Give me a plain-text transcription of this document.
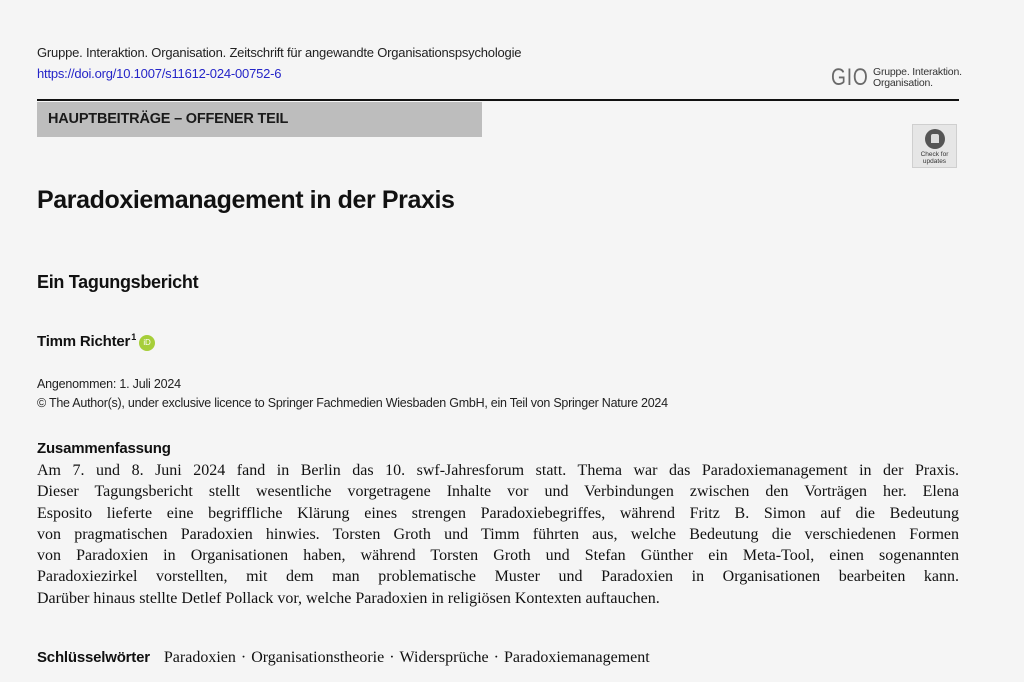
Gruppe. Interaktion. Organisation. Zeitschrift für angewandte Organisationspsychologie
https://doi.org/10.1007/s11612-024-00752-6	GIO Gruppe. Interaktion.
Organisation.
HAUPTBEITRÄGE – OFFENER TEIL
Check for
updates
Paradoxiemanagement in der Praxis
Ein Tagungsbericht
Timm Richter$^1$
iD
Angenommen: 1. Juli 2024
© The Author(s), under exclusive licence to Springer Fachmedien Wiesbaden GmbH, ein Teil von Springer Nature 2024
Zusammenfassung
Am 7. und 8. Juni 2024 fand in Berlin das 10. swf-Jahresforum statt. Thema war das Paradoxiemanagement in der Praxis.
Dieser Tagungsbericht stellt wesentliche vorgetragene Inhalte vor und Verbindungen zwischen den Vorträgen her. Elena
Esposito lieferte eine begriffliche Klärung eines strengen Paradoxiebegriffes, während Fritz B. Simon auf die Bedeutung
von pragmatischen Paradoxien hinwies. Torsten Groth und Timm führten aus, welche Bedeutung die verschiedenen Formen
von Paradoxien in Organisationen haben, während Torsten Groth und Stefan Günther ein Meta-Tool, einen sogenannten
Paradoxiezirkel vorstellten, mit dem man problematische Muster und Paradoxien in Organisationen bearbeiten kann.
Darüber hinaus stellte Detlef Pollack vor, welche Paradoxien in religiösen Kontexten auftauchen.
Schlüsselwörter Paradoxien · Organisationstheorie · Widersprüche · Paradoxiemanagement
